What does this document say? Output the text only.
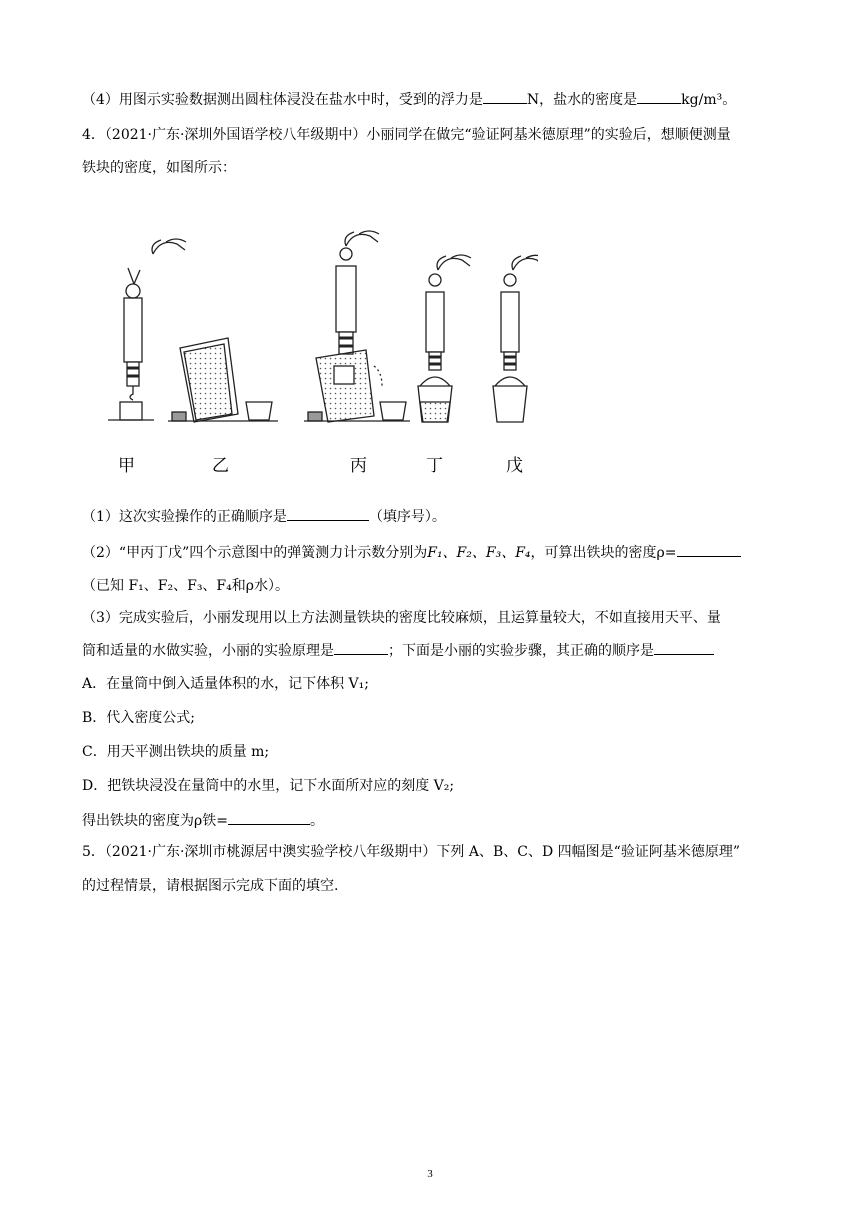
（4）用图示实验数据测出圆柱体浸没在盐水中时，受到的浮力是	N，盐水的密度是	kg/m³。
4．（2021·广东·深圳外国语学校八年级期中）小丽同学在做完“验证阿基米德原理”的实验后，想顺便测量
铁块的密度，如图所示：
甲	乙	丙	丁	戊
（1）这次实验操作的正确顺序是	（填序号）。
（2）“甲丙丁戊”四个示意图中的弹簧测力计示数分别为F₁、F₂、F₃、F₄，可算出铁块的密度ρ=
（已知 F₁、F₂、F₃、F₄和ρ水）。
（3）完成实验后，小丽发现用以上方法测量铁块的密度比较麻烦，且运算量较大，不如直接用天平、量
筒和适量的水做实验，小丽的实验原理是	；下面是小丽的实验步骤，其正确的顺序是
A．在量筒中倒入适量体积的水，记下体积 V₁;
B．代入密度公式;
C．用天平测出铁块的质量 m;
D．把铁块浸没在量筒中的水里，记下水面所对应的刻度 V₂;
得出铁块的密度为ρ铁=	。
5．（2021·广东·深圳市桃源居中澳实验学校八年级期中）下列 A、B、C、D 四幅图是“验证阿基米德原理”
的过程情景，请根据图示完成下面的填空.
3
